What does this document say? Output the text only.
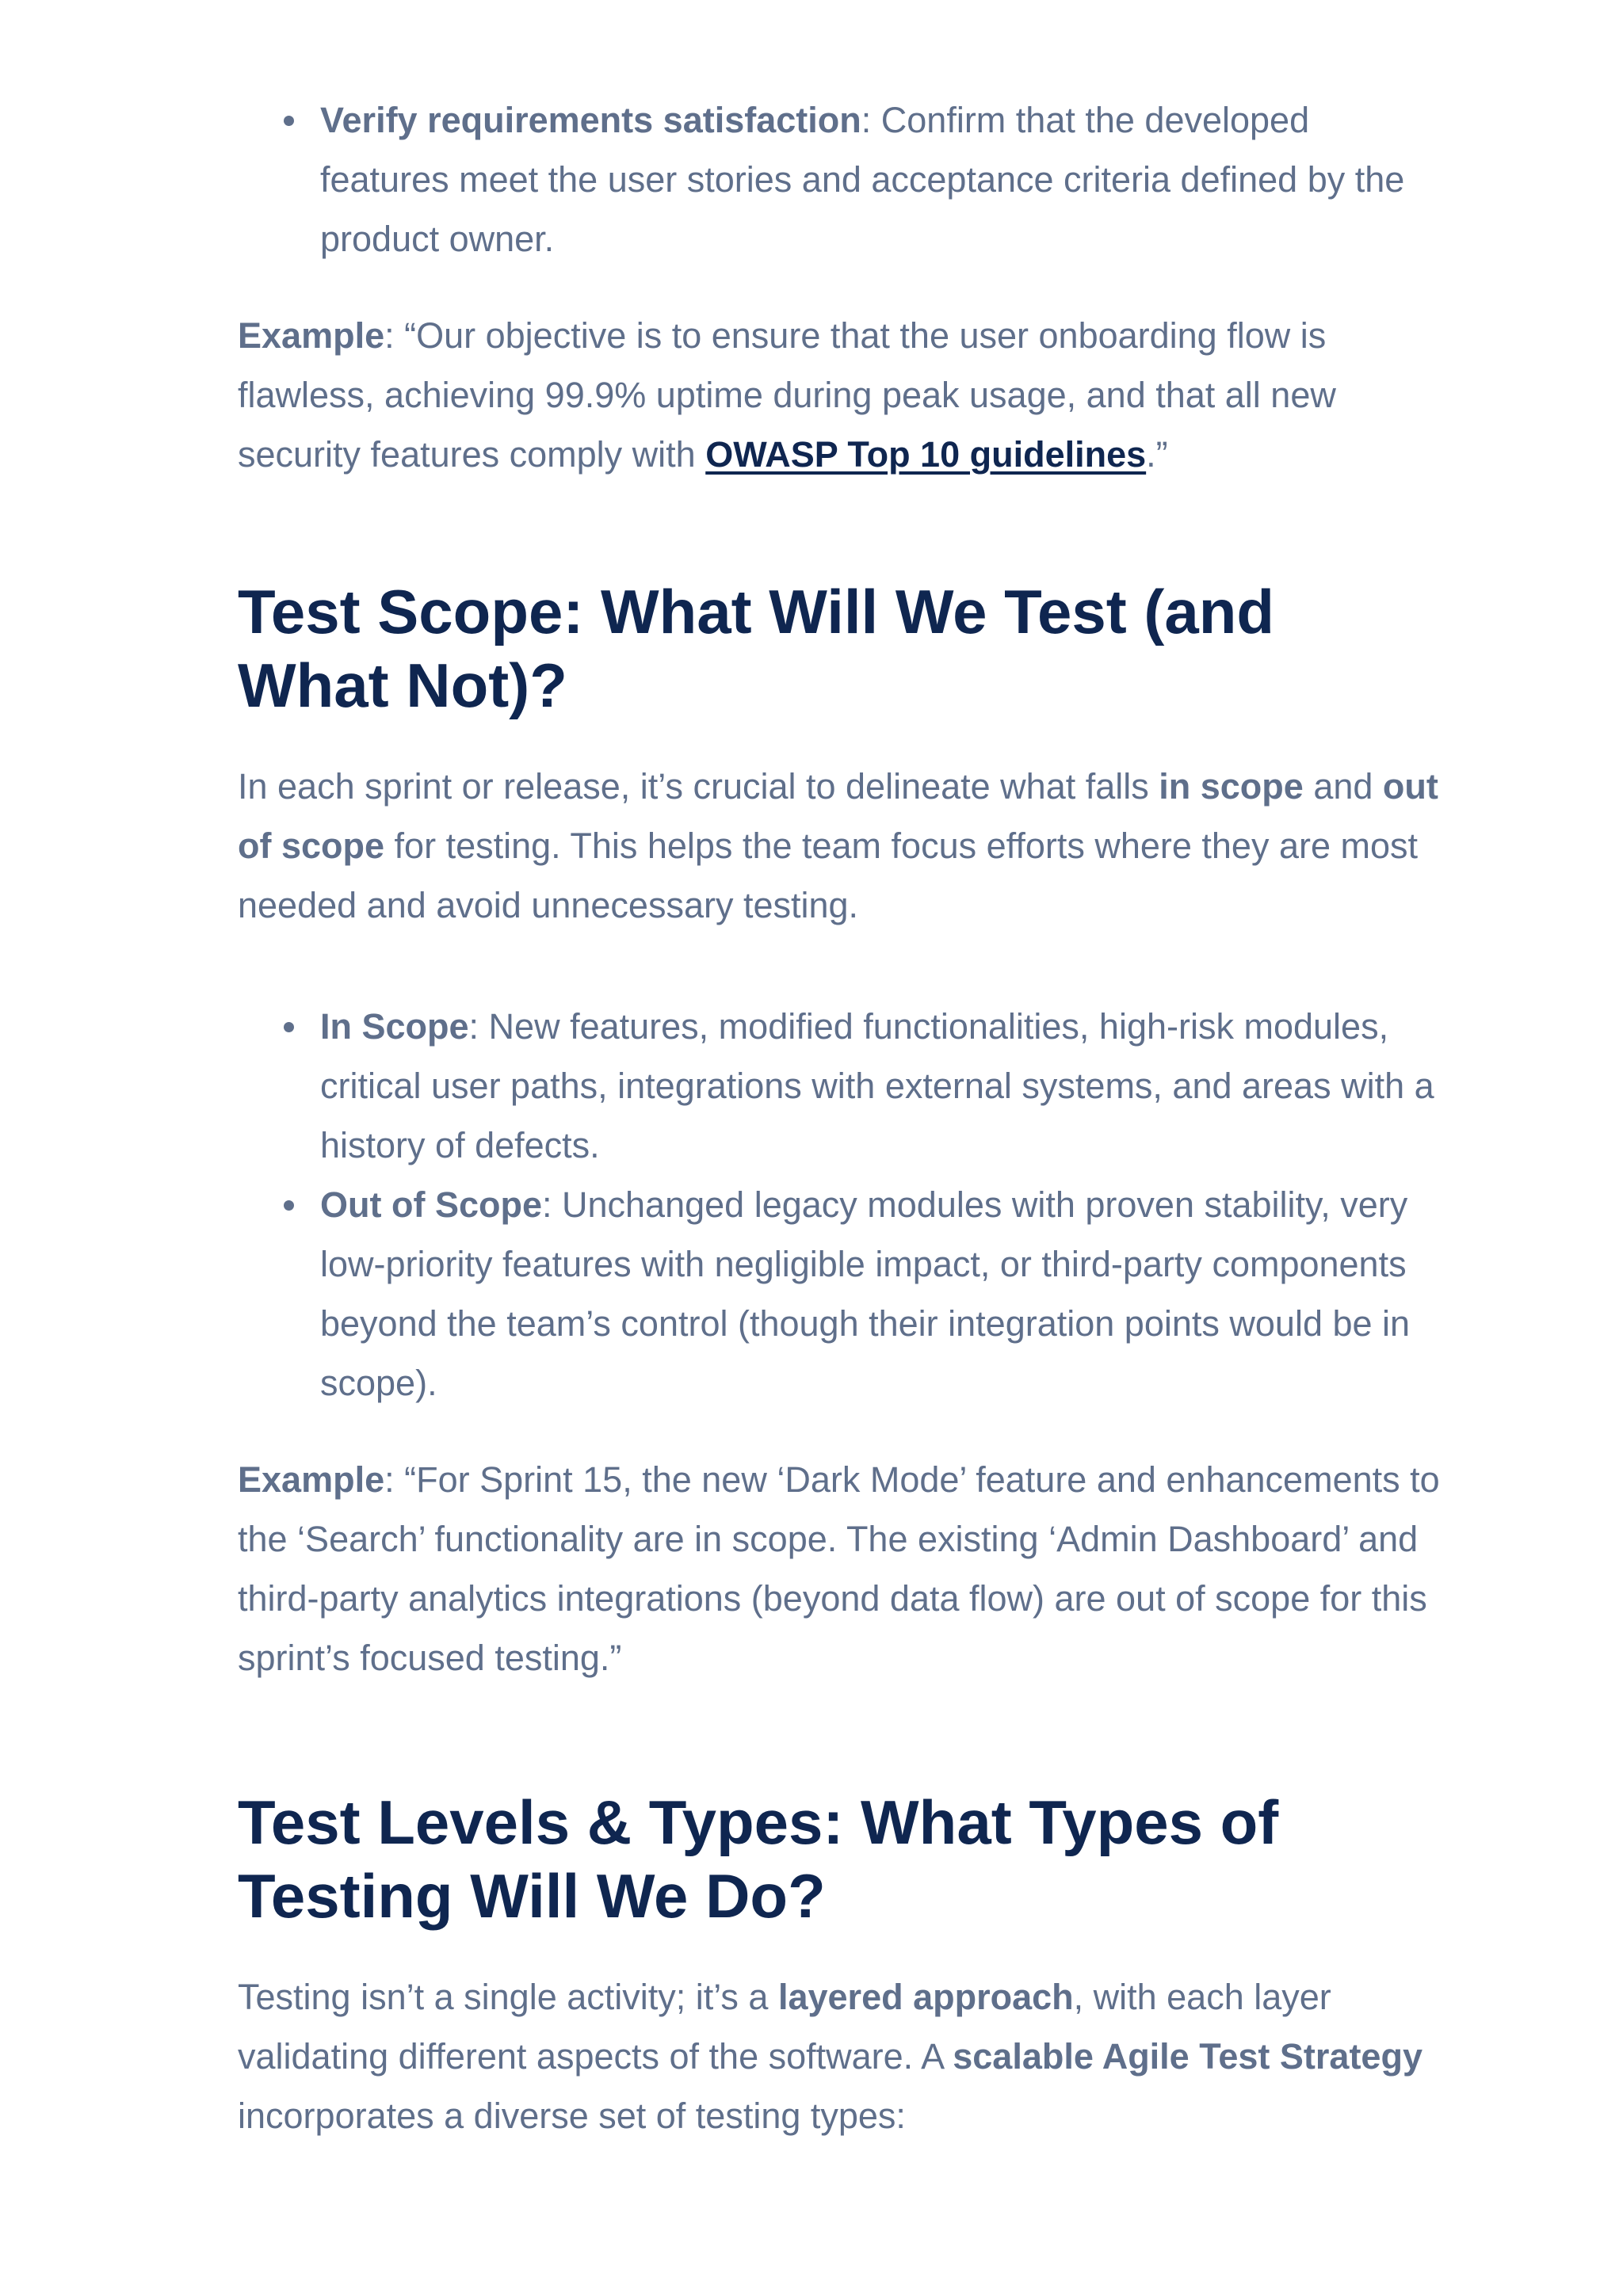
Verify requirements satisfaction: Confirm that the developed features meet the user stories and acceptance criteria defined by the product owner.

Example: “Our objective is to ensure that the user onboarding flow is flawless, achieving 99.9% uptime during peak usage, and that all new security features comply with OWASP Top 10 guidelines.”

Test Scope: What Will We Test (and What Not)?

In each sprint or release, it’s crucial to delineate what falls in scope and out of scope for testing. This helps the team focus efforts where they are most needed and avoid unnecessary testing.

In Scope: New features, modified functionalities, high-risk modules, critical user paths, integrations with external systems, and areas with a history of defects.
Out of Scope: Unchanged legacy modules with proven stability, very low-priority features with negligible impact, or third-party components beyond the team’s control (though their integration points would be in scope).

Example: “For Sprint 15, the new ‘Dark Mode’ feature and enhancements to the ‘Search’ functionality are in scope. The existing ‘Admin Dashboard’ and third-party analytics integrations (beyond data flow) are out of scope for this sprint’s focused testing.”

Test Levels & Types: What Types of Testing Will We Do?

Testing isn’t a single activity; it’s a layered approach, with each layer validating different aspects of the software. A scalable Agile Test Strategy incorporates a diverse set of testing types:
